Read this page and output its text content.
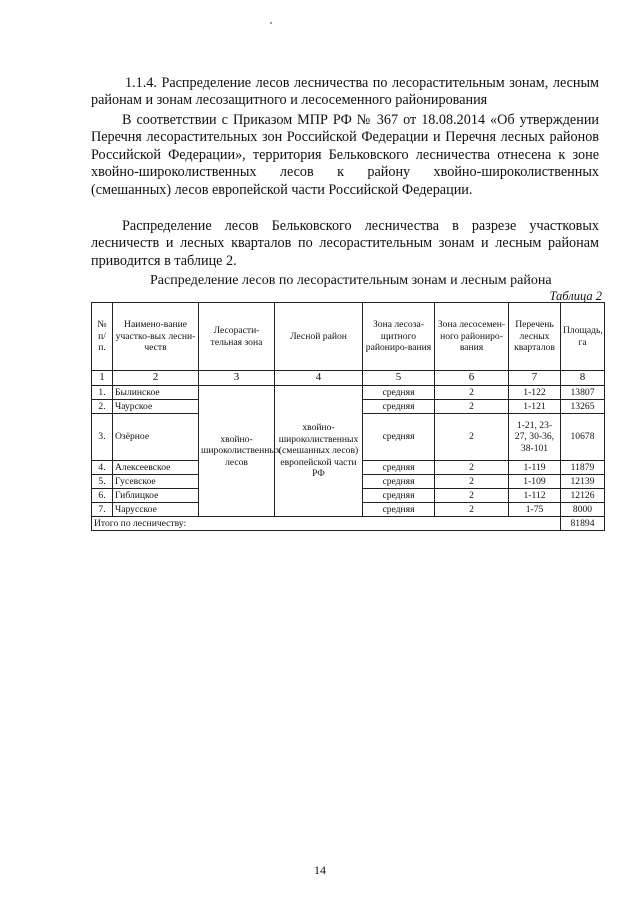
1.1.4. Распределение лесов лесничества по лесорастительным зонам, лесным районам и зонам лесозащитного и лесосеменного районирования

В соответствии с Приказом МПР РФ № 367 от 18.08.2014 «Об утверждении Перечня лесорастительных зон Российской Федерации и Перечня лесных районов Российской Федерации», территория Бельковского лесничества отнесена к зоне хвойно-широколиственных лесов к району хвойно-широколиственных (смешанных) лесов европейской части Российской Федерации.

Распределение лесов Бельковского лесничества в разрезе участковых лесничеств и лесных кварталов по лесорастительным зонам и лесным районам приводится в таблице 2.

Распределение лесов по лесорастительным зонам и лесным района
Таблица 2
№ п/ п.	Наимено-вание участко-вых лесни-честв	Лесорасти-тельная зона	Лесной район	Зона лесоза-щитного райониро-вания	Зона лесосемен-ного райониро-вания	Перечень лесных кварталов	Площадь, га
1	2	3	4	5	6	7	8
1.	Былинское	хвойно-широколиственных лесов	хвойно-широколиственных (смешанных лесов) европейской части РФ	средняя	2	1-122	13807
2.	Чаурское			средняя	2	1-121	13265
3.	Озёрное			средняя	2	1-21, 23-27, 30-36, 38-101	10678
4.	Алексеевское			средняя	2	1-119	11879
5.	Гусевское			средняя	2	1-109	12139
6.	Гиблицкое			средняя	2	1-112	12126
7.	Чарусское			средняя	2	1-75	8000
Итого по лесничеству:							81894
14
